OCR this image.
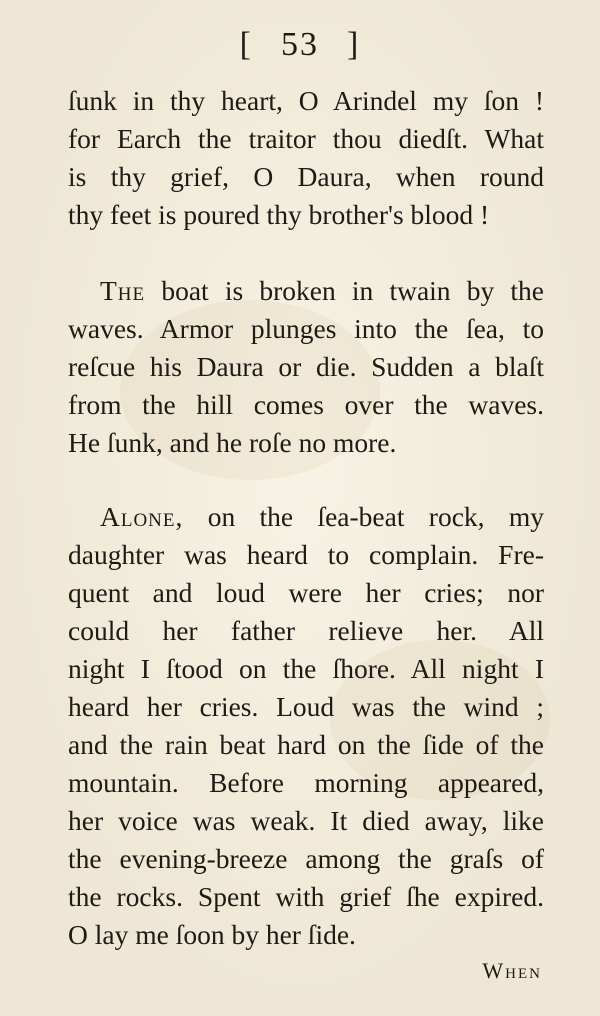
[ 53 ]
ſunk in thy heart, O Arindel my ſon !
for Earch the traitor thou diedſt. What
is thy grief, O Daura, when round
thy feet is poured thy brother's blood !
The boat is broken in twain by the
waves. Armor plunges into the ſea, to
reſcue his Daura or die. Sudden a blaſt
from the hill comes over the waves.
He ſunk, and he roſe no more.
Alone, on the ſea-beat rock, my
daughter was heard to complain. Fre-
quent and loud were her cries; nor
could her father relieve her. All
night I ſtood on the ſhore. All night I
heard her cries. Loud was the wind ;
and the rain beat hard on the ſide of the
mountain. Before morning appeared,
her voice was weak. It died away, like
the evening-breeze among the graſs of
the rocks. Spent with grief ſhe expired.
O lay me ſoon by her ſide.
When
